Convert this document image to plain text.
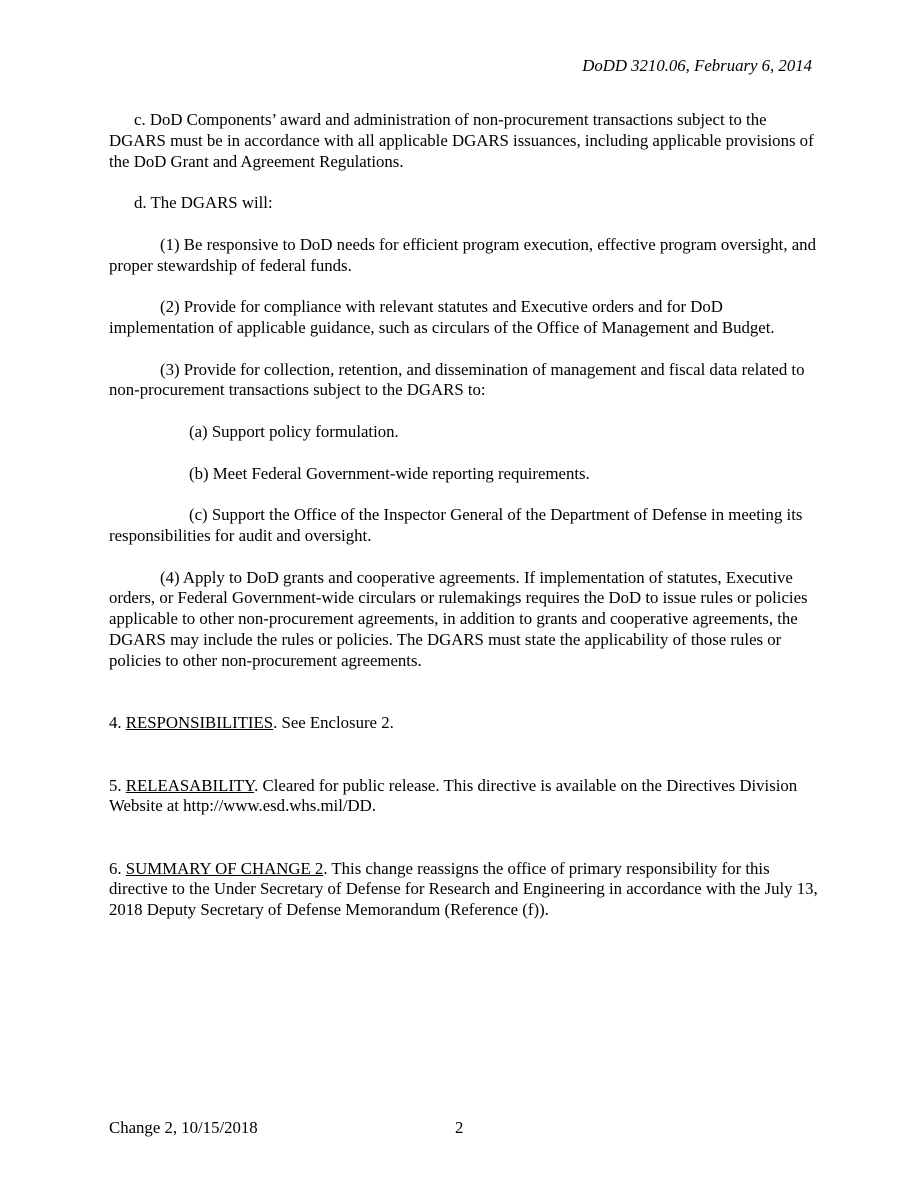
DoDD 3210.06, February 6, 2014

c. DoD Components’ award and administration of non-procurement transactions subject to the DGARS must be in accordance with all applicable DGARS issuances, including applicable provisions of the DoD Grant and Agreement Regulations.

d. The DGARS will:

(1) Be responsive to DoD needs for efficient program execution, effective program oversight, and proper stewardship of federal funds.

(2) Provide for compliance with relevant statutes and Executive orders and for DoD implementation of applicable guidance, such as circulars of the Office of Management and Budget.

(3) Provide for collection, retention, and dissemination of management and fiscal data related to non-procurement transactions subject to the DGARS to:

(a) Support policy formulation.

(b) Meet Federal Government-wide reporting requirements.

(c) Support the Office of the Inspector General of the Department of Defense in meeting its responsibilities for audit and oversight.

(4) Apply to DoD grants and cooperative agreements. If implementation of statutes, Executive orders, or Federal Government-wide circulars or rulemakings requires the DoD to issue rules or policies applicable to other non-procurement agreements, in addition to grants and cooperative agreements, the DGARS may include the rules or policies. The DGARS must state the applicability of those rules or policies to other non-procurement agreements.

4. RESPONSIBILITIES. See Enclosure 2.

5. RELEASABILITY. Cleared for public release. This directive is available on the Directives Division Website at http://www.esd.whs.mil/DD.

6. SUMMARY OF CHANGE 2. This change reassigns the office of primary responsibility for this directive to the Under Secretary of Defense for Research and Engineering in accordance with the July 13, 2018 Deputy Secretary of Defense Memorandum (Reference (f)).

Change 2, 10/15/2018	2
